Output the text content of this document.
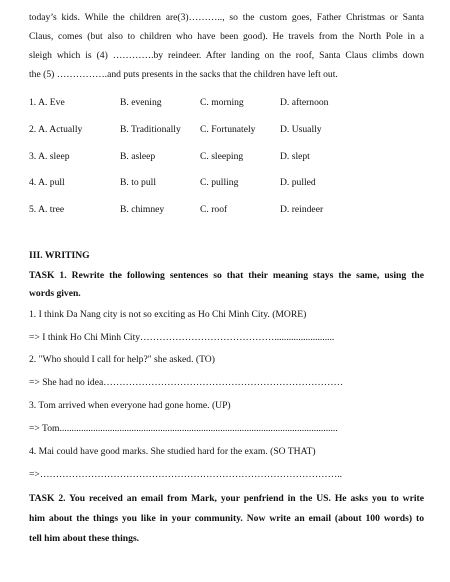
today’s kids. While the children are(3)……….., so the custom goes, Father Christmas or Santa
Claus, comes (but also to children who have been good). He travels from the North Pole in a
sleigh which is (4) ………….by reindeer. After landing on the roof, Santa Claus climbs down
the (5) …………….and puts presents in the sacks that the children have left out.
1. A. Eve	B. evening	C. morning	D. afternoon
2. A. Actually	B. Traditionally C. Fortunately	D. Usually
3. A. sleep	B. asleep	C. sleeping	D. slept
4. A. pull	B. to pull	C. pulling	D. pulled
5. A. tree	B. chimney	C. roof	D. reindeer
III. WRITING
TASK 1. Rewrite the following sentences so that their meaning stays the same, using the
words given.
1. I think Da Nang city is not so exciting as Ho Chi Minh City. (MORE)
=> I think Ho Chi Minh City…………………………………….........................
2. "Who should I call for help?" she asked. (TO)
=> She had no idea…………………………………………………………………
3. Tom arrived when everyone had gone home. (UP)
=> Tom....................................................................................................................
4. Mai could have good marks. She studied hard for the exam. (SO THAT)
=>…………………………………………………………………………………..
TASK 2. You received an email from Mark, your penfriend in the US. He asks you to write
him about the things you like in your community. Now write an email (about 100 words) to
tell him about these things.
